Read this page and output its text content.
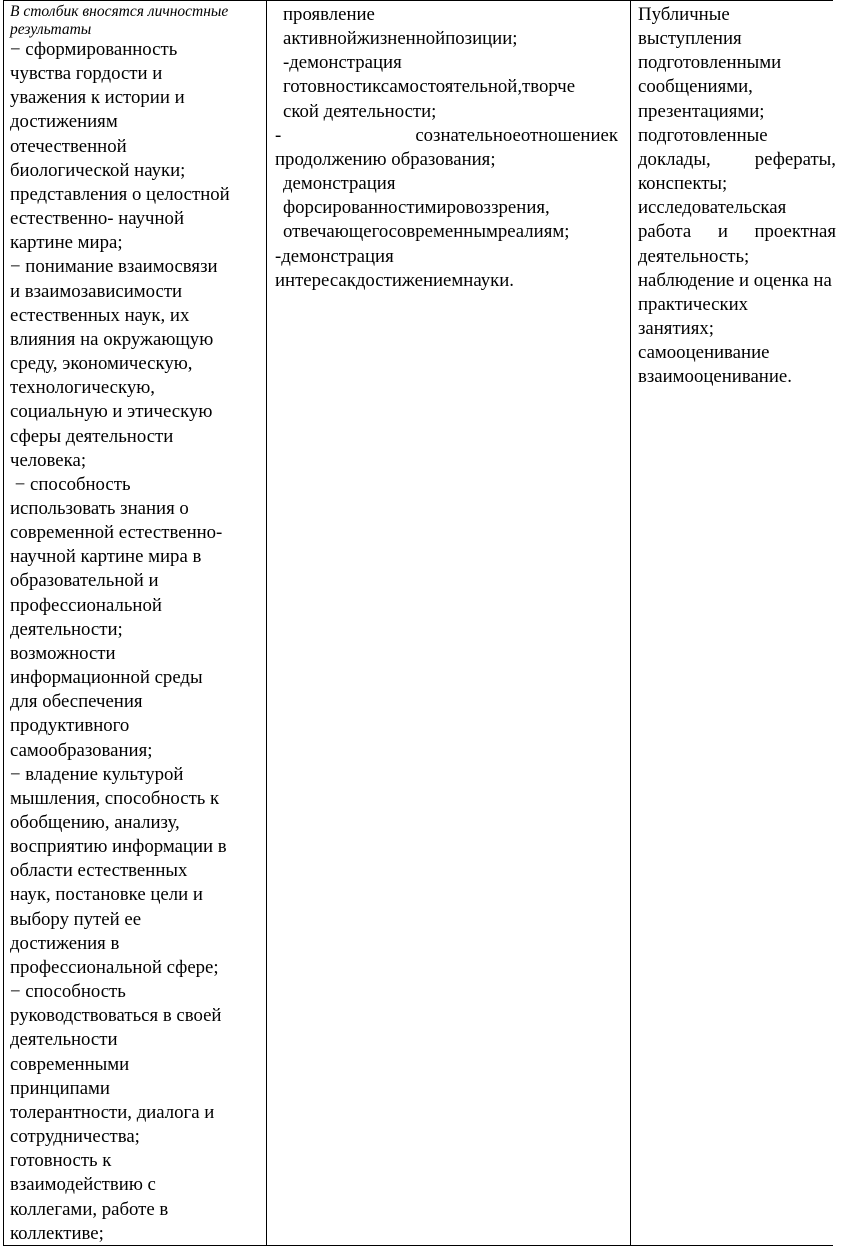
В столбик вносятся личностные

результаты

− сформированность

чувства гордости и

уважения к истории и

достижениям

отечественной

биологической науки;

представления о целостной

естественно- научной

картине мира;

− понимание взаимосвязи

и взаимозависимости

естественных наук, их

влияния на окружающую

среду, экономическую,

технологическую,

социальную и этическую

сферы деятельности

человека;

− способность

использовать знания о

современной естественно-

научной картине мира в

образовательной и

профессиональной

деятельности;

возможности

информационной среды

для обеспечения

продуктивного

самообразования;

− владение культурой

мышления, способность к

обобщению, анализу,

восприятию информации в

области естественных

наук, постановке цели и

выбору путей ее

достижения в

профессиональной сфере;

− способность

руководствоваться в своей

деятельности

современными

принципами

толерантности, диалога и

сотрудничества;

готовность к

взаимодействию с

коллегами, работе в

коллективе;

проявление

активнойжизненнойпозиции;

-демонстрация

готовностиксамостоятельной,творче

ской деятельности;

-	сознательноеотношениек

продолжению образования;

демонстрация

форсированностимировоззрения,

отвечающегосовременнымреалиям;

-демонстрация

интересакдостижениемнауки.

Публичные

выступления

подготовленными

сообщениями,

презентациями;

подготовленные

доклады, рефераты,

конспекты;

исследовательская

работа и проектная

деятельность;

наблюдение и оценка на

практических

занятиях;

самооценивание

взаимооценивание.
